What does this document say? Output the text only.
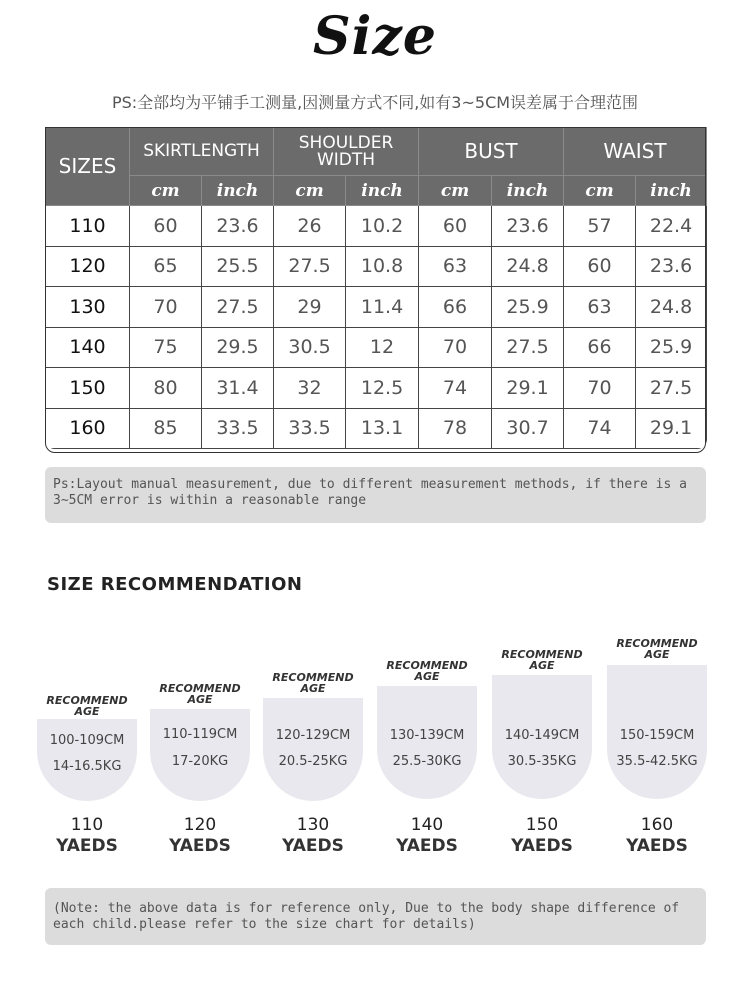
Size
PS:全部均为平铺手工测量,因测量方式不同,如有3~5CM误差属于合理范围
SIZES	SKIRTLENGTH		SHOULDER WIDTH		BUST		WAIST	
	cm	inch	cm	inch	cm	inch	cm	inch
110	60	23.6	26	10.2	60	23.6	57	22.4
120	65	25.5	27.5	10.8	63	24.8	60	23.6
130	70	27.5	29	11.4	66	25.9	63	24.8
140	75	29.5	30.5	12	70	27.5	66	25.9
150	80	31.4	32	12.5	74	29.1	70	27.5
160	85	33.5	33.5	13.1	78	30.7	74	29.1
Ps:Layout manual measurement, due to different measurement methods, if there is a 3~5CM error is within a reasonable range
SIZE RECOMMENDATION
RECOMMEND
AGE
100-109CM
14-16.5KG
110
YAEDS
RECOMMEND
AGE
110-119CM
17-20KG
120
YAEDS
RECOMMEND
AGE
120-129CM
20.5-25KG
130
YAEDS
RECOMMEND
AGE
130-139CM
25.5-30KG
140
YAEDS
RECOMMEND
AGE
140-149CM
30.5-35KG
150
YAEDS
RECOMMEND
AGE
150-159CM
35.5-42.5KG
160
YAEDS
(Note: the above data is for reference only, Due to the body shape difference of each child.please refer to the size chart for details)
